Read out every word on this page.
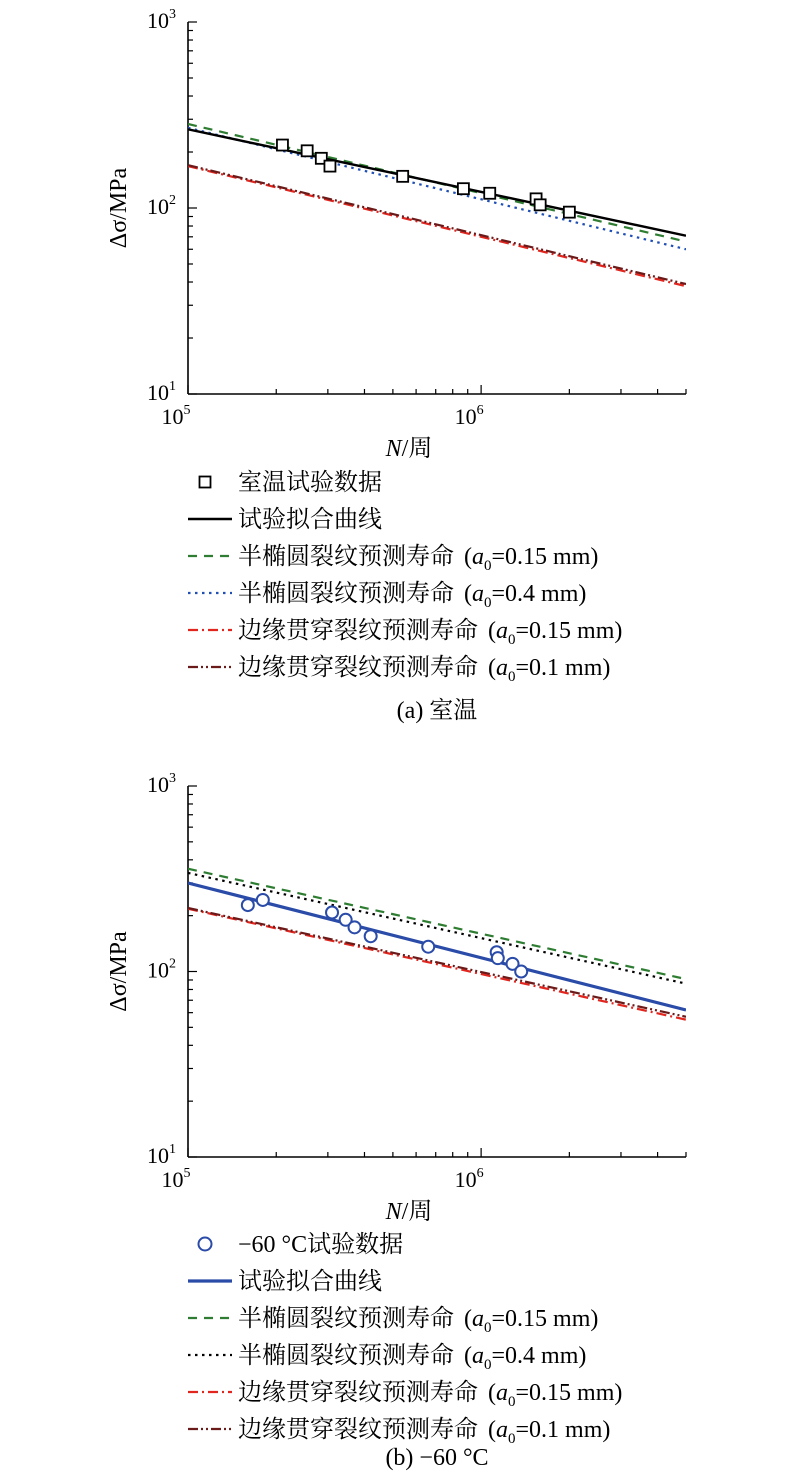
$10^5$	$10^6$
$10^1$
$10^2$
$10^3$
N/周
Δσ/MPa
室温试验数据
试验拟合曲线
半椭圆裂纹预测寿命 ($a_0=0.15$ mm)
半椭圆裂纹预测寿命 ($a_0=0.4$ mm)
边缘贯穿裂纹预测寿命 ($a_0=0.15$ mm)
边缘贯穿裂纹预测寿命 ($a_0=0.1$ mm)
(a) 室温
$10^5$	$10^6$
$10^1$
$10^2$
$10^3$
N/周
Δσ/MPa
−60 °C试验数据
试验拟合曲线
半椭圆裂纹预测寿命 ($a_0=0.15$ mm)
半椭圆裂纹预测寿命 ($a_0=0.4$ mm)
边缘贯穿裂纹预测寿命 ($a_0=0.15$ mm)
边缘贯穿裂纹预测寿命 ($a_0=0.1$ mm)
(b) −60 °C
